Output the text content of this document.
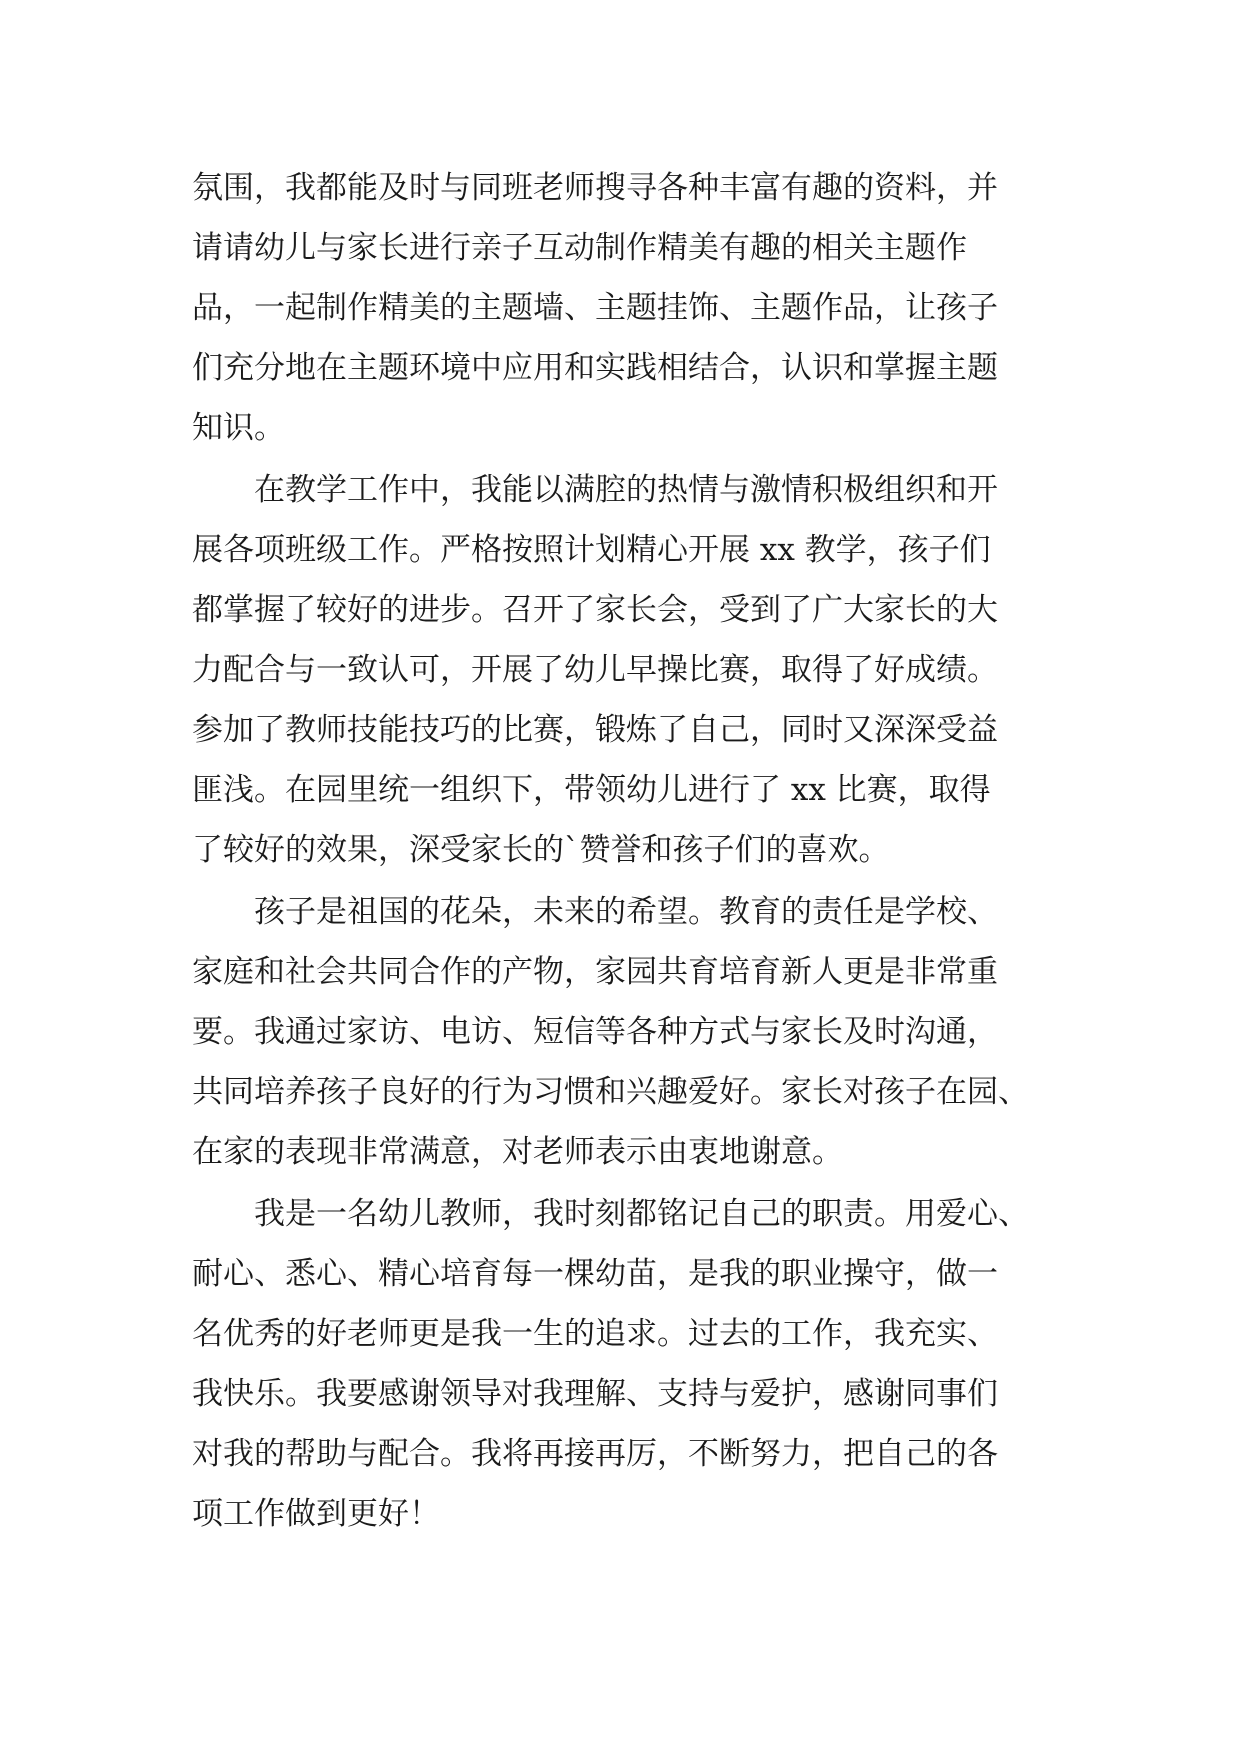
氛围，我都能及时与同班老师搜寻各种丰富有趣的资料，并
请请幼儿与家长进行亲子互动制作精美有趣的相关主题作
品，一起制作精美的主题墙、主题挂饰、主题作品，让孩子
们充分地在主题环境中应用和实践相结合，认识和掌握主题
知识。
在教学工作中，我能以满腔的热情与激情积极组织和开
展各项班级工作。严格按照计划精心开展 xx 教学，孩子们
都掌握了较好的进步。召开了家长会，受到了广大家长的大
力配合与一致认可，开展了幼儿早操比赛，取得了好成绩。
参加了教师技能技巧的比赛，锻炼了自己，同时又深深受益
匪浅。在园里统一组织下，带领幼儿进行了 xx 比赛，取得
了较好的效果，深受家长的`赞誉和孩子们的喜欢。
孩子是祖国的花朵，未来的希望。教育的责任是学校、
家庭和社会共同合作的产物，家园共育培育新人更是非常重
要。我通过家访、电访、短信等各种方式与家长及时沟通，
共同培养孩子良好的行为习惯和兴趣爱好。家长对孩子在园、
在家的表现非常满意，对老师表示由衷地谢意。
我是一名幼儿教师，我时刻都铭记自己的职责。用爱心、
耐心、悉心、精心培育每一棵幼苗，是我的职业操守，做一
名优秀的好老师更是我一生的追求。过去的工作，我充实、
我快乐。我要感谢领导对我理解、支持与爱护，感谢同事们
对我的帮助与配合。我将再接再厉，不断努力，把自己的各
项工作做到更好！
